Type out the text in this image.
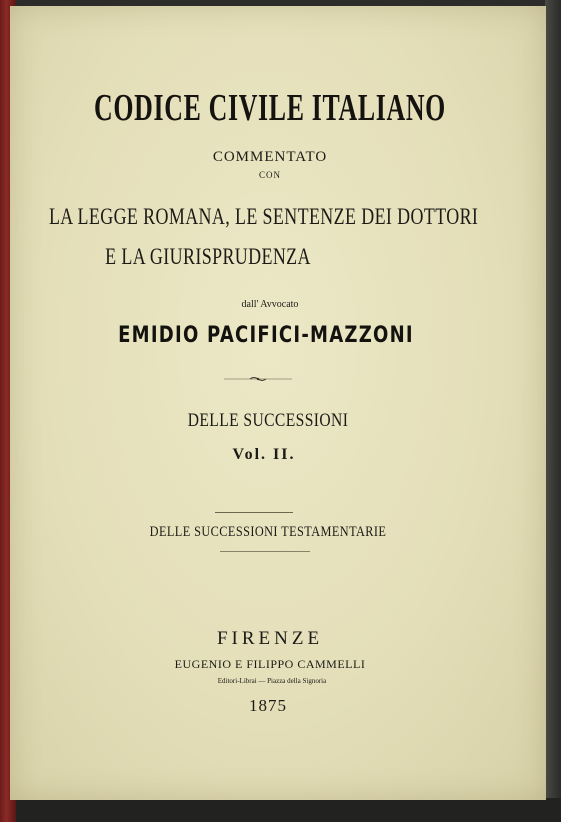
CODICE CIVILE ITALIANO
COMMENTATO
CON
LA LEGGE ROMANA, LE SENTENZE DEI DOTTORI
E LA GIURISPRUDENZA
dall' Avvocato
EMIDIO PACIFICI-MAZZONI
DELLE SUCCESSIONI
Vol. II.
DELLE SUCCESSIONI TESTAMENTARIE
FIRENZE
EUGENIO E FILIPPO CAMMELLI
Editori-Librai — Piazza della Signoria
1875
